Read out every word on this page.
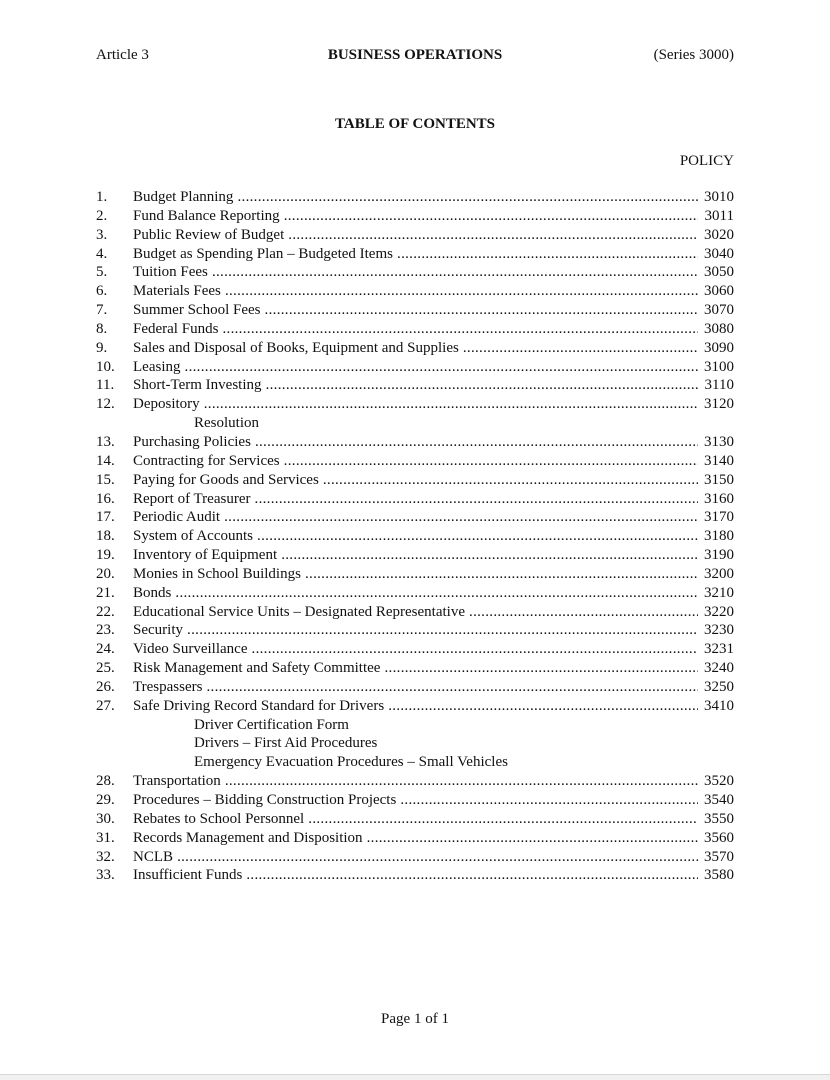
Article 3	BUSINESS OPERATIONS	(Series 3000)
TABLE OF CONTENTS
POLICY
1. Budget Planning .....	3010
2. Fund Balance Reporting .....	3011
3. Public Review of Budget .....	3020
4. Budget as Spending Plan – Budgeted Items .....	3040
5. Tuition Fees .....	3050
6. Materials Fees .....	3060
7. Summer School Fees .....	3070
8. Federal Funds .....	3080
9. Sales and Disposal of Books, Equipment and Supplies .....	3090
10. Leasing .....	3100
11. Short-Term Investing .....	3110
12. Depository .....	3120
Resolution
13. Purchasing Policies .....	3130
14. Contracting for Services .....	3140
15. Paying for Goods and Services .....	3150
16. Report of Treasurer .....	3160
17. Periodic Audit .....	3170
18. System of Accounts .....	3180
19. Inventory of Equipment .....	3190
20. Monies in School Buildings .....	3200
21. Bonds .....	3210
22. Educational Service Units – Designated Representative .....	3220
23. Security .....	3230
24. Video Surveillance .....	3231
25. Risk Management and Safety Committee .....	3240
26. Trespassers .....	3250
27. Safe Driving Record Standard for Drivers .....	3410
Driver Certification Form
Drivers – First Aid Procedures
Emergency Evacuation Procedures – Small Vehicles
28. Transportation .....	3520
29. Procedures – Bidding Construction Projects .....	3540
30. Rebates to School Personnel .....	3550
31. Records Management and Disposition .....	3560
32. NCLB .....	3570
33. Insufficient Funds .....	3580
Page 1 of 1
